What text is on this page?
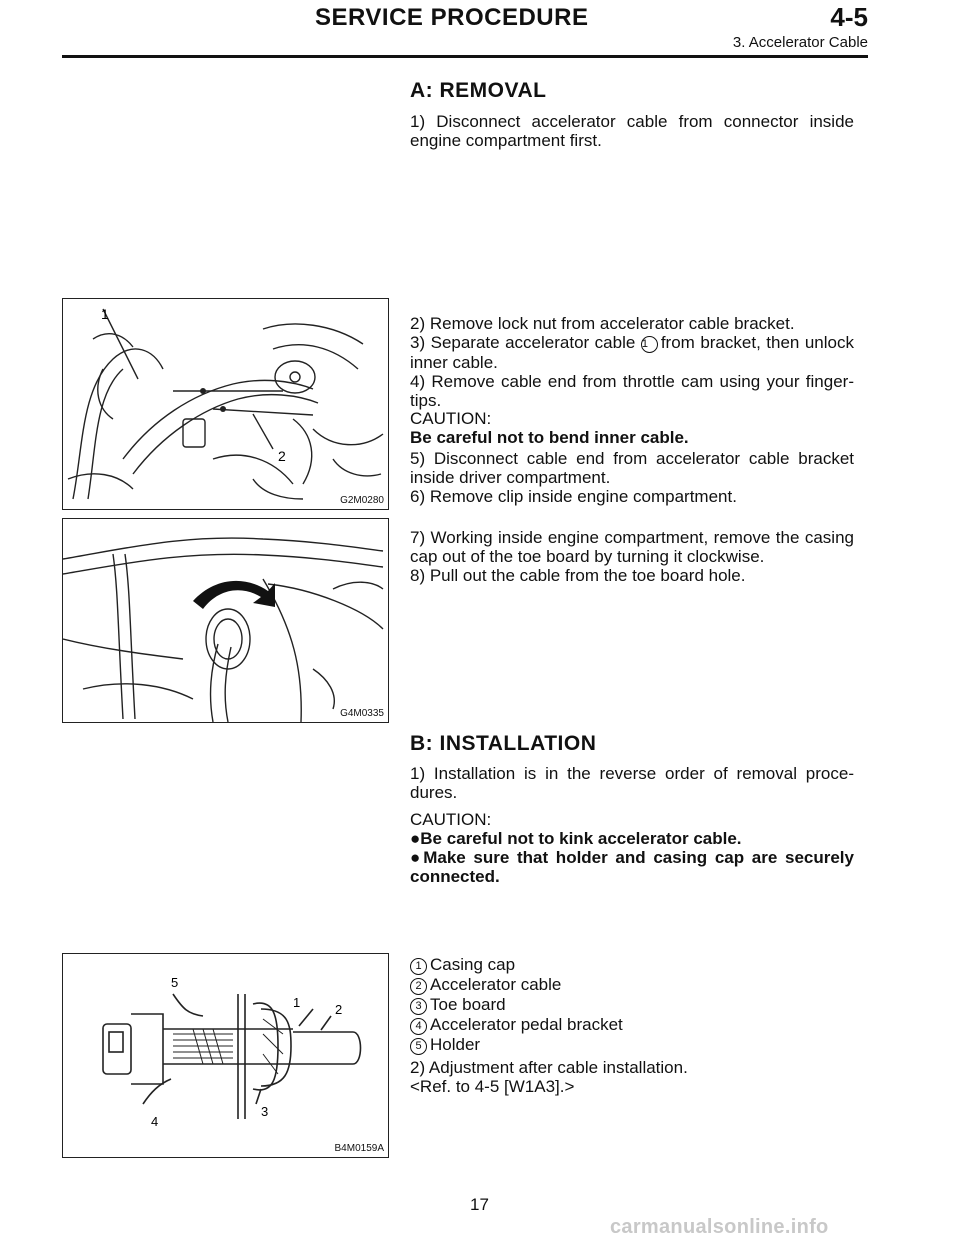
SERVICE PROCEDURE	4-5
3. Accelerator Cable
A: REMOVAL
1) Disconnect accelerator cable from connector inside
engine compartment first.
1
2
G2M0280
2) Remove lock nut from accelerator cable bracket.
3) Separate accelerator cable 1 from bracket, then unlock
inner cable.
4) Remove cable end from throttle cam using your finger-
tips.
CAUTION:
Be careful not to bend inner cable.
5) Disconnect cable end from accelerator cable bracket
inside driver compartment.
6) Remove clip inside engine compartment.
G4M0335
7) Working inside engine compartment, remove the casing
cap out of the toe board by turning it clockwise.
8) Pull out the cable from the toe board hole.
B: INSTALLATION
1) Installation is in the reverse order of removal proce-
dures.
CAUTION:
●Be careful not to kink accelerator cable.
●Make sure that holder and casing cap are securely
connected.
5
1	2
4
3
B4M0159A
1 Casing cap
2 Accelerator cable
3 Toe board
4 Accelerator pedal bracket
5 Holder
2) Adjustment after cable installation.
<Ref. to 4-5 [W1A3].>
17
carmanualsonline.info
